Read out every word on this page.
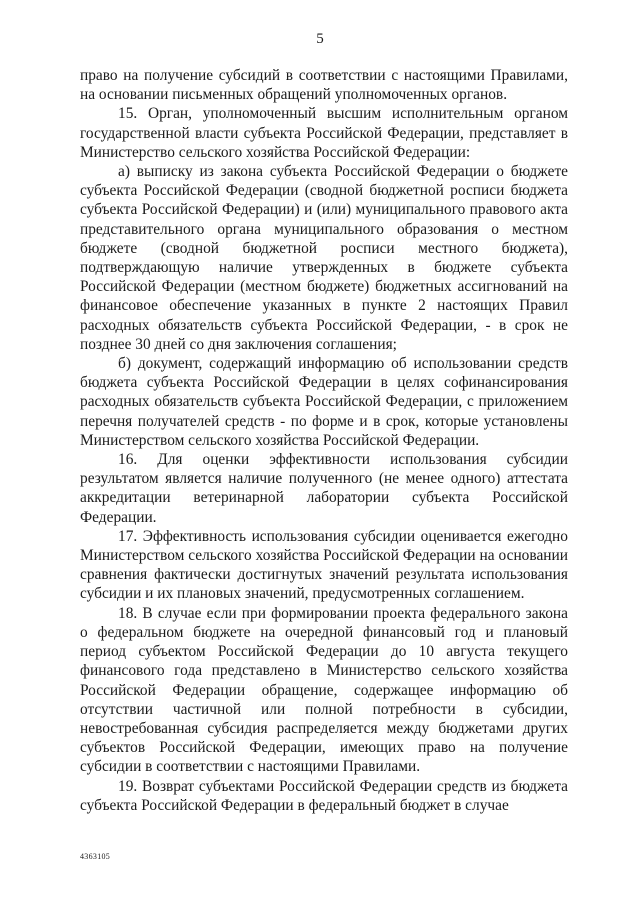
5

право на получение субсидий в соответствии с настоящими Правилами, на основании письменных обращений уполномоченных органов.

15. Орган, уполномоченный высшим исполнительным органом государственной власти субъекта Российской Федерации, представляет в Министерство сельского хозяйства Российской Федерации:

а) выписку из закона субъекта Российской Федерации о бюджете субъекта Российской Федерации (сводной бюджетной росписи бюджета субъекта Российской Федерации) и (или) муниципального правового акта представительного органа муниципального образования о местном бюджете (сводной бюджетной росписи местного бюджета), подтверждающую наличие утвержденных в бюджете субъекта Российской Федерации (местном бюджете) бюджетных ассигнований на финансовое обеспечение указанных в пункте 2 настоящих Правил расходных обязательств субъекта Российской Федерации, - в срок не позднее 30 дней со дня заключения соглашения;

б) документ, содержащий информацию об использовании средств бюджета субъекта Российской Федерации в целях софинансирования расходных обязательств субъекта Российской Федерации, с приложением перечня получателей средств - по форме и в срок, которые установлены Министерством сельского хозяйства Российской Федерации.

16. Для оценки эффективности использования субсидии результатом является наличие полученного (не менее одного) аттестата аккредитации ветеринарной лаборатории субъекта Российской Федерации.

17. Эффективность использования субсидии оценивается ежегодно Министерством сельского хозяйства Российской Федерации на основании сравнения фактически достигнутых значений результата использования субсидии и их плановых значений, предусмотренных соглашением.

18. В случае если при формировании проекта федерального закона о федеральном бюджете на очередной финансовый год и плановый период субъектом Российской Федерации до 10 августа текущего финансового года представлено в Министерство сельского хозяйства Российской Федерации обращение, содержащее информацию об отсутствии частичной или полной потребности в субсидии, невостребованная субсидия распределяется между бюджетами других субъектов Российской Федерации, имеющих право на получение субсидии в соответствии с настоящими Правилами.

19. Возврат субъектами Российской Федерации средств из бюджета субъекта Российской Федерации в федеральный бюджет в случае

4363105
